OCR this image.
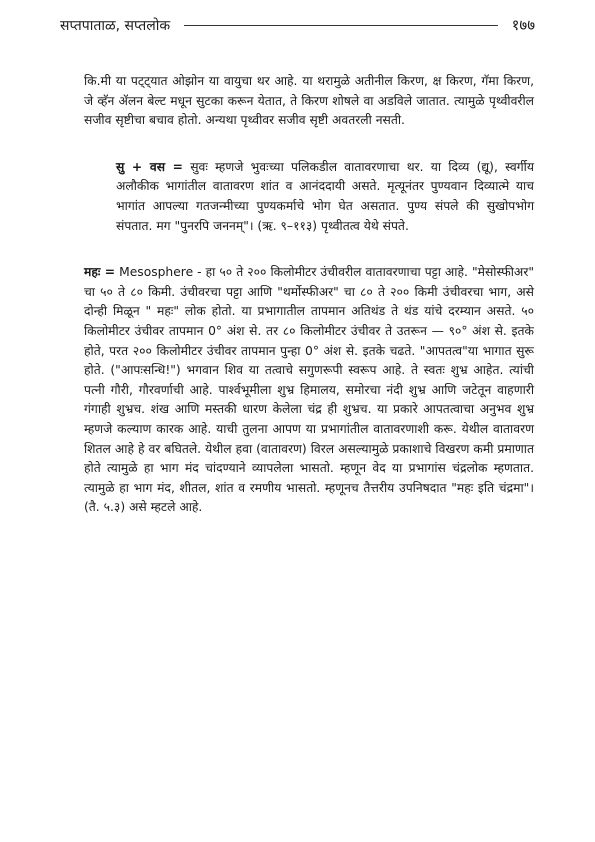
सप्तपाताळ, सप्तलोक	१७७

कि.मी या पट्ट्यात ओझोन या वायुचा थर आहे. या थरामुळे अतीनील किरण, क्ष किरण, गॅमा किरण, जे व्हॅन ॲलन बेल्ट मधून सुटका करून येतात, ते किरण शोषले वा अडविले जातात. त्यामुळे पृथ्वीवरील सजीव सृष्टीचा बचाव होतो. अन्यथा पृथ्वीवर सजीव सृष्टी अवतरली नसती.

सु + वस = सुवः म्हणजे भुवःच्या पलिकडील वातावरणाचा थर. या दिव्य (द्यू), स्वर्गीय अलौकीक भागांतील वातावरण शांत व आनंददायी असते. मृत्यूनंतर पुण्यवान दिव्यात्मे याच भागांत आपल्या गतजन्मीच्या पुण्यकर्माचे भोग घेत असतात. पुण्य संपले की सुखोपभोग संपतात. मग "पुनरपि जननम्"। (ऋ. ९–११३) पृथ्वीतत्व येथे संपते.

महः = Mesosphere - हा ५० ते २०० किलोमीटर उंचीवरील वातावरणाचा पट्टा आहे. "मेसोस्फीअर" चा ५० ते ८० किमी. उंचीवरचा पट्टा आणि "थर्मोस्फीअर" चा ८० ते २०० किमी उंचीवरचा भाग, असे दोन्ही मिळून " महः" लोक होतो. या प्रभागातील तापमान अतिथंड ते थंड यांचे दरम्यान असते. ५० किलोमीटर उंचीवर तापमान 0° अंश से. तर ८० किलोमीटर उंचीवर ते उतरून — ९०° अंश से. इतके होते, परत २०० किलोमीटर उंचीवर तापमान पुन्हा 0° अंश से. इतके चढते. "आपतत्व"या भागात सुरू होते. ("आपःसन्धि!") भगवान शिव या तत्वाचे सगुणरूपी स्वरूप आहे. ते स्वतः शुभ्र आहेत. त्यांची पत्नी गौरी, गौरवर्णाची आहे. पार्श्वभूमीला शुभ्र हिमालय, समोरचा नंदी शुभ्र आणि जटेतून वाहणारी गंगाही शुभ्रच. शंख आणि मस्तकी धारण केलेला चंद्र ही शुभ्रच. या प्रकारे आपतत्वाचा अनुभव शुभ्र म्हणजे कल्याण कारक आहे. याची तुलना आपण या प्रभागांतील वातावरणाशी करू. येथील वातावरण शितल आहे हे वर बघितले. येथील हवा (वातावरण) विरल असल्यामुळे प्रकाशाचे विखरण कमी प्रमाणात होते त्यामुळे हा भाग मंद चांदण्याने व्यापलेला भासतो. म्हणून वेद या प्रभागांस चंद्रलोक म्हणतात. त्यामुळे हा भाग मंद, शीतल, शांत व रमणीय भासतो. म्हणूनच तैत्तरीय उपनिषदात "महः इति चंद्रमा"। (तै. ५.३) असे म्हटले आहे.
